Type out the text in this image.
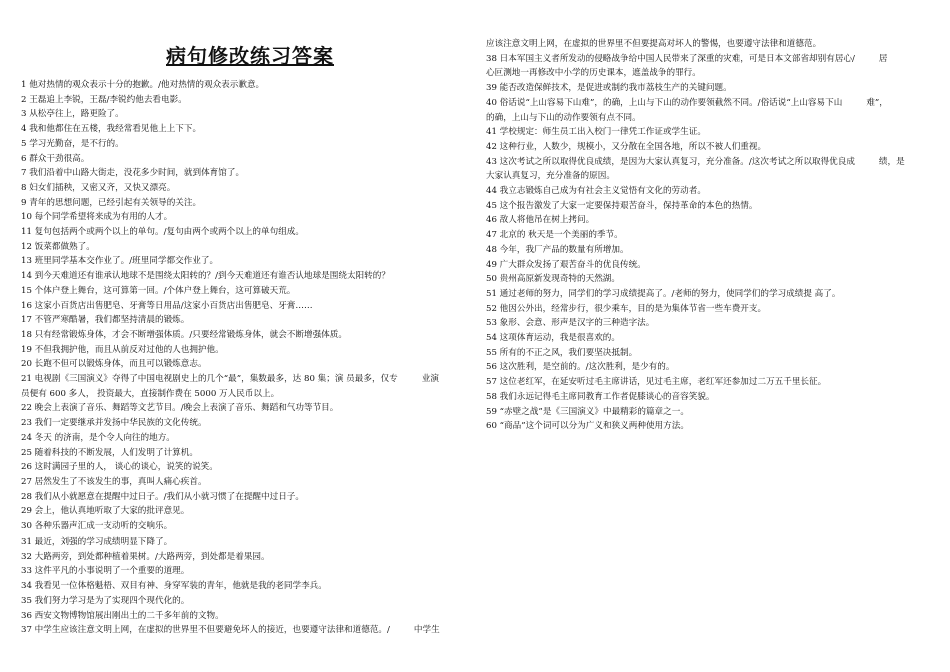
病句修改练习答案

1 他对热情的观众表示十分的抱歉。/他对热情的观众表示歉意。

2 王磊追上李锐，王磊/李锐约他去看电影。

3 从松亭往上，路更险了。

4 我和他都住在五楼，我经常看见他上上下下。

5 学习光勤奋，是不行的。

6 群众干劲很高。

7 我们沿着中山路大街走，没花多少时间，就到体育馆了。

8 妇女们插秧，又密又齐，又快又漂亮。

9 青年的思想问题，已经引起有关领导的关注。

10 每个同学希望将来成为有用的人才。

11 复句包括两个或两个以上的单句。/复句由两个或两个以上的单句组成。

12 饭菜都做熟了。

13 班里同学基本交作业了。/班里同学都交作业了。

14 到今天难道还有谁承认地球不是围绕太阳转的？/到今天难道还有谁否认地球是围绕太阳转的？

15 个体户登上舞台，这可算第一回。/个体户登上舞台，这可算破天荒。

16 这家小百货店出售肥皂、牙膏等日用品/这家小百货店出售肥皂、牙膏……

17 不管严寒酷暑，我们都坚持清晨的锻炼。

18 只有经常锻炼身体，才会不断增强体质。/只要经常锻炼身体，就会不断增强体质。

19 不但我拥护他，而且从前反对过他的人也拥护他。

20 长跑不但可以锻炼身体，而且可以锻炼意志。

21 电视剧《三国演义》夺得了中国电视剧史上的几个“最”，集数最多，达 80 集；演 员最多，仅专	业演

员便有 600 多人， 投资最大，直接制作费在 5000 万人民币以上。

22 晚会上表演了音乐、舞蹈等文艺节目。/晚会上表演了音乐、舞蹈和气功等节目。

23 我们一定要继承并发扬中华民族的文化传统。

24 冬天 的济南，是个令人向往的地方。

25 随着科技的不断发展，人们发明了计算机。

26 这时满园子里的人， 谈心的谈心，说笑的说笑。

27 居然发生了不该发生的事，真叫人痛心疾首。

28 我们从小就愿意在提醒中过日子。/我们从小就习惯了在提醒中过日子。

29 会上，他认真地听取了大家的批评意见。

30 各种乐器声汇成一支动听的交响乐。

31 最近，刘强的学习成绩明显下降了。

32 大路两旁，到处都种植着果树。/大路两旁，到处都是着果园。

33 这件平凡的小事说明了一个重要的道理。

34 我看见一位体格魁梧、双目有神、身穿军装的青年，他就是我的老同学李兵。

35 我们努力学习是为了实现四个现代化的。

36 西安文物博物馆展出刚出土的二千多年前的文物。

37 中学生应该注意文明上网，在虚拟的世界里不但要避免坏人的接近，也要遵守法律和道德范。/	中学生

应该注意文明上网，在虚拟的世界里不但要提高对坏人的警惕，也要遵守法律和道德范。

38 日本军国主义者所发动的侵略战争给中国人民带来了深重的灾难，可是日本文部省却别有居心/	居

心叵测地一再修改中小学的历史课本，遮盖战争的罪行。

39 能否改造保鲜技术，是促进或制约我市荔枝生产的关键问题。

40 俗话说“上山容易下山难”，的确，上山与下山的动作要领截然不同。/俗话说“上山容易下山	难”，

的确，上山与下山的动作要领有点不同。

41 学校规定：师生员工出入校门一律凭工作证或学生证。

42 这种行业，人数少，规模小，又分散在全国各地，所以不被人们重视。

43 这次考试之所以取得优良成绩，是因为大家认真复习，充分准备。/这次考试之所以取得优良成	绩，是

大家认真复习，充分准备的原因。

44 我立志锻炼自己成为有社会主义觉悟有文化的劳动者。

45 这个报告激发了大家一定要保持艰苦奋斗，保持革命的本色的热情。

46 敌人将他吊在树上拷问。

47 北京的 秋天是一个美丽的季节。

48 今年，我厂产品的数量有所增加。

49 广大群众发扬了艰苦奋斗的优良传统。

50 贵州高原新发现奇特的天然湖。

51 通过老师的努力，同学们的学习成绩提高了。/老师的努力，使同学们的学习成绩提 高了。

52 他因公外出，经常步行，很少乘车，目的是为集体节省一些车费开支。

53 象形、会意、形声是汉字的三种造字法。

54 这项体育运动，我是很喜欢的。

55 所有的不正之风，我们要坚决抵制。

56 这次胜利，是空前的。/这次胜利，是少有的。

57 这位老红军，在延安听过毛主席讲话，见过毛主席，老红军还参加过二万五千里长征。

58 我们永远记得毛主席同教育工作者促膝谈心的音容笑貌。

59 “赤壁之战”是《三国演义》中最精彩的篇章之一。

60 “商品”这个词可以分为广义和狭义两种使用方法。
